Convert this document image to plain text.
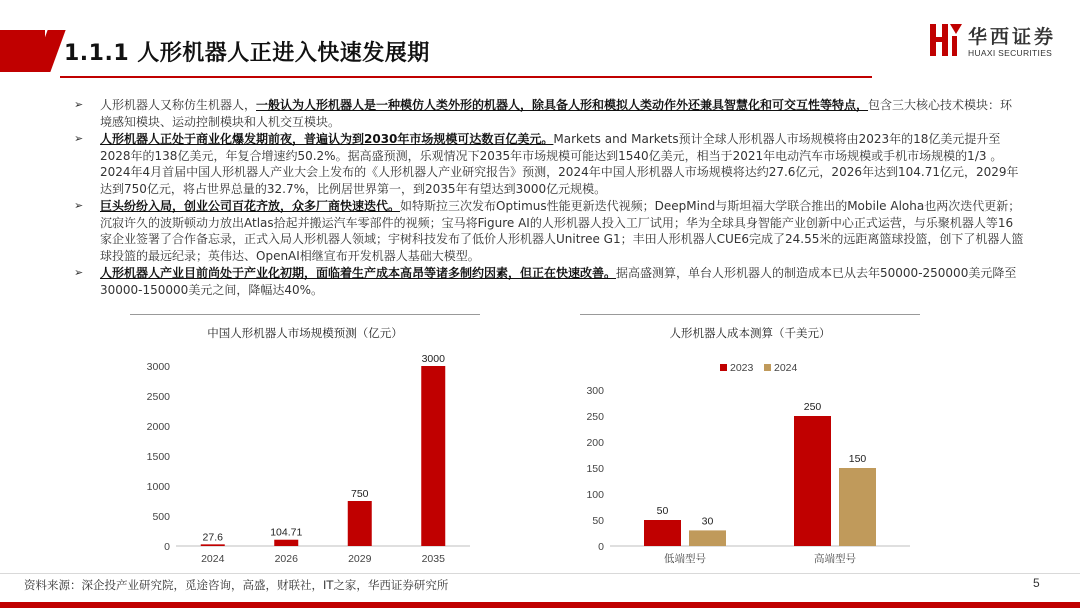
1.1.1 人形机器人正进入快速发展期
华西证券
HUAXI SECURITIES
➢ 人形机器人又称仿生机器人，一般认为人形机器人是一种模仿人类外形的机器人，除具备人形和模拟人类动作外还兼具智慧化和可交互性等特点，包含三大核心技术模块：环境感知模块、运动控制模块和人机交互模块。
➢ 人形机器人正处于商业化爆发期前夜，普遍认为到2030年市场规模可达数百亿美元。Markets and Markets预计全球人形机器人市场规模将由2023年的18亿美元提升至2028年的138亿美元，年复合增速约50.2%。据高盛预测，乐观情况下2035年市场规模可能达到1540亿美元，相当于2021年电动汽车市场规模或手机市场规模的1/3 。2024年4月首届中国人形机器人产业大会上发布的《人形机器人产业研究报告》预测，2024年中国人形机器人市场规模将达约27.6亿元，2026年达到104.71亿元，2029年达到750亿元，将占世界总量的32.7%，比例居世界第一，到2035年有望达到3000亿元规模。
➢ 巨头纷纷入局，创业公司百花齐放，众多厂商快速迭代。如特斯拉三次发布Optimus性能更新迭代视频；DeepMind与斯坦福大学联合推出的Mobile Aloha也两次迭代更新；沉寂许久的波斯顿动力放出Atlas拾起并搬运汽车零部件的视频；宝马将Figure AI的人形机器人投入工厂试用；华为全球具身智能产业创新中心正式运营，与乐聚机器人等16家企业签署了合作备忘录，正式入局人形机器人领域；宇树科技发布了低价人形机器人Unitree G1；丰田人形机器人CUE6完成了24.55米的远距离篮球投篮，创下了机器人篮球投篮的最远纪录；英伟达、OpenAI相继宣布开发机器人基础大模型。
➢ 人形机器人产业目前尚处于产业化初期，面临着生产成本高昂等诸多制约因素，但正在快速改善。据高盛测算，单台人形机器人的制造成本已从去年50000-250000美元降至30000-150000美元之间，降幅达40%。
中国人形机器人市场规模预测（亿元）
0
500
1000
1500
2000
2500
3000
27.6
2024
104.71
2026
750
2029
3000
2035
人形机器人成本测算（千美元）
0
50
100
150
200
250
300
2023 2024
50
30
低端型号
250
150
高端型号
资料来源：深企投产业研究院，觅途咨询，高盛，财联社，IT之家，华西证券研究所	5
